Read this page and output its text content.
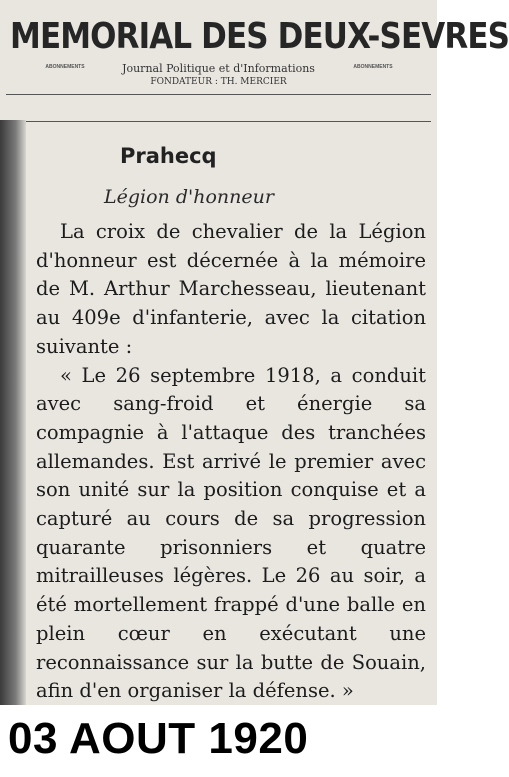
MEMORIAL DES DEUX-SEVRES
ABONNEMENTS	ABONNEMENTS
Journal Politique et d'Informations
FONDATEUR : TH. MERCIER
Prahecq
Légion d'honneur

La croix de chevalier de la Légion d'honneur est décernée à la mémoire de M. Arthur Marchesseau, lieutenant au 409e d'infanterie, avec la citation suivante :

« Le 26 septembre 1918, a conduit avec sang-froid et énergie sa compagnie à l'attaque des tranchées allemandes. Est arrivé le premier avec son unité sur la position conquise et a capturé au cours de sa progression quarante prisonniers et quatre mitrailleuses légères. Le 26 au soir, a été mortellement frappé d'une balle en plein cœur en exécutant une reconnaissance sur la butte de Souain, afin d'en organiser la défense. »

03 AOUT 1920
